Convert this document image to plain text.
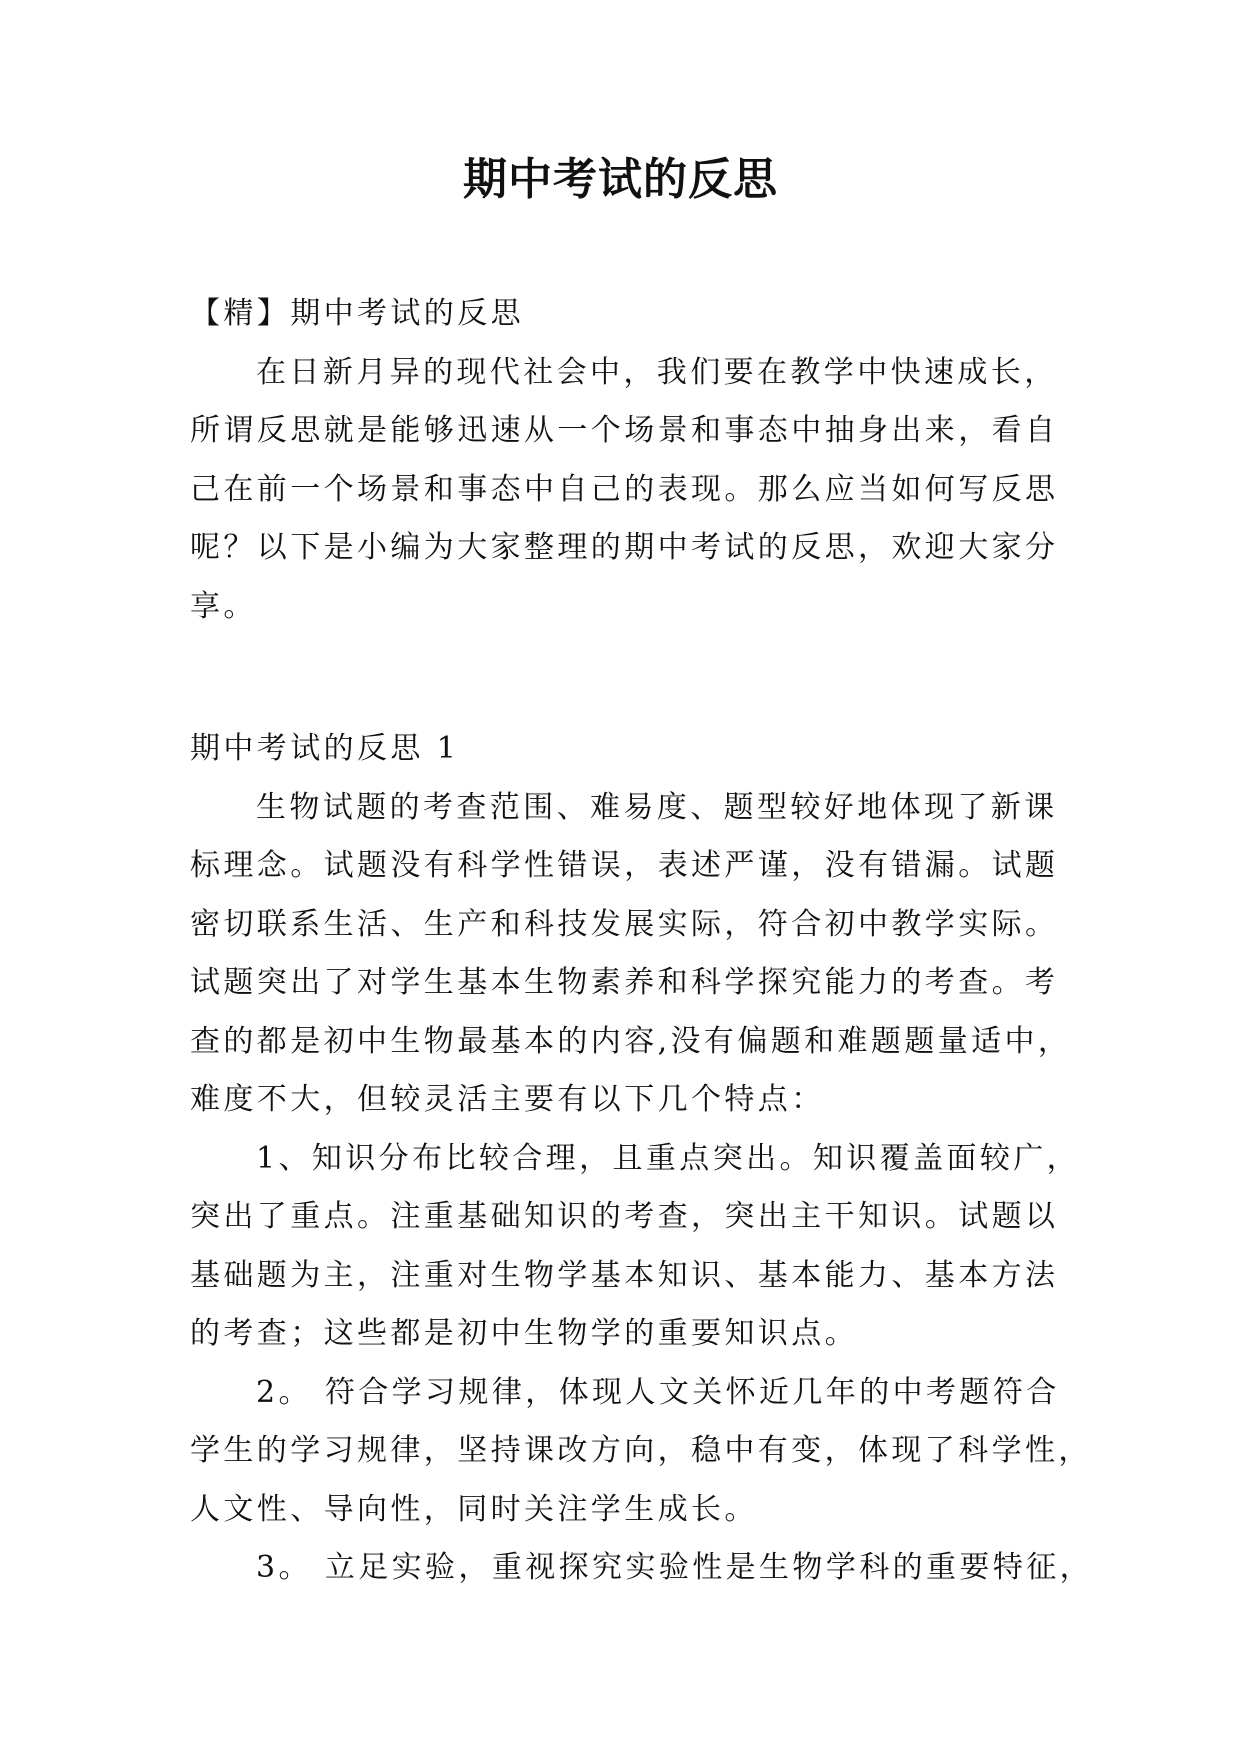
期中考试的反思

【精】期中考试的反思

在日新月异的现代社会中，我们要在教学中快速成长，

所谓反思就是能够迅速从一个场景和事态中抽身出来，看自

己在前一个场景和事态中自己的表现。那么应当如何写反思

呢？以下是小编为大家整理的期中考试的反思，欢迎大家分

享。

期中考试的反思 1

生物试题的考查范围、难易度、题型较好地体现了新课

标理念。试题没有科学性错误，表述严谨，没有错漏。试题

密切联系生活、生产和科技发展实际，符合初中教学实际。

试题突出了对学生基本生物素养和科学探究能力的考查。考

查的都是初中生物最基本的内容,没有偏题和难题题量适中，

难度不大，但较灵活主要有以下几个特点：

1、知识分布比较合理，且重点突出。知识覆盖面较广，

突出了重点。注重基础知识的考查，突出主干知识。试题以

基础题为主，注重对生物学基本知识、基本能力、基本方法

的考查；这些都是初中生物学的重要知识点。

2。 符合学习规律，体现人文关怀近几年的中考题符合

学生的学习规律，坚持课改方向，稳中有变，体现了科学性，

人文性、导向性，同时关注学生成长。

3。 立足实验，重视探究实验性是生物学科的重要特征，
